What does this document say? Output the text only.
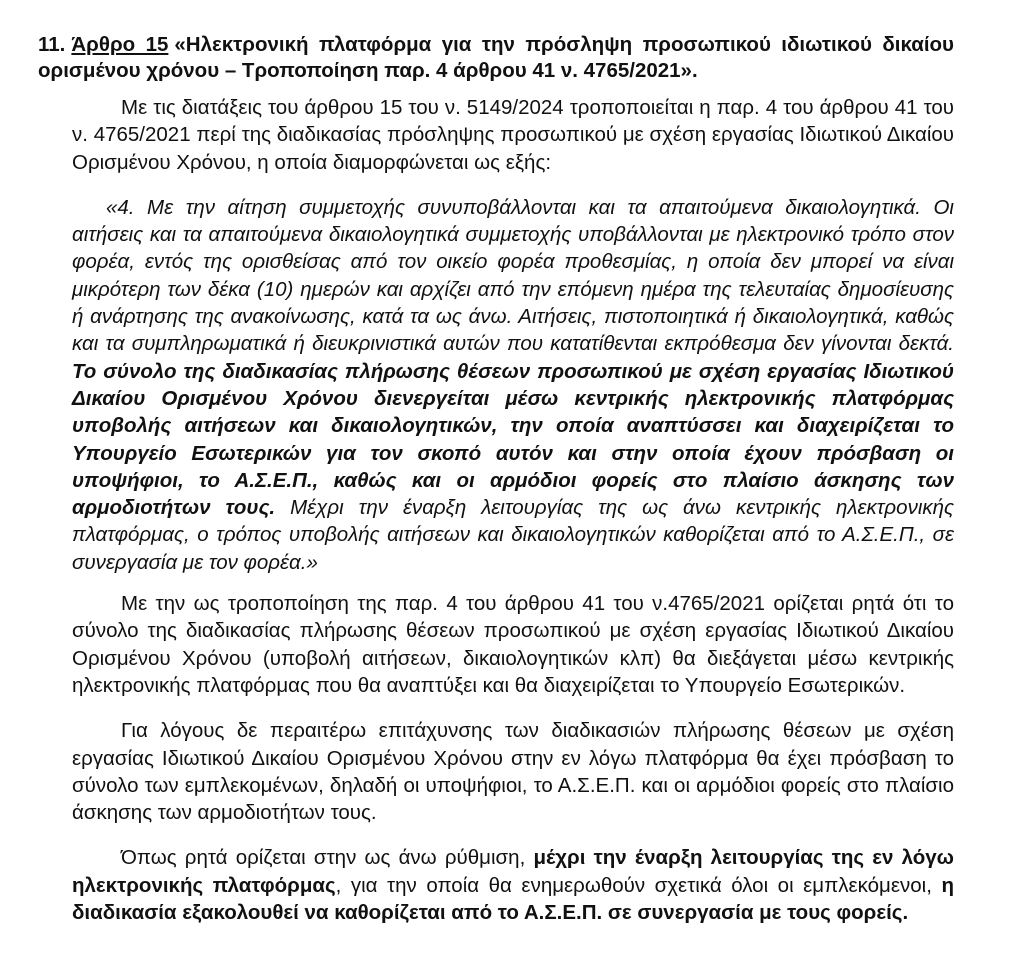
11. Άρθρο 15 «Ηλεκτρονική πλατφόρμα για την πρόσληψη προσωπικού ιδιωτικού δικαίου ορισμένου χρόνου – Τροποποίηση παρ. 4 άρθρου 41 ν. 4765/2021».

Με τις διατάξεις του άρθρου 15 του ν. 5149/2024 τροποποιείται η παρ. 4 του άρθρου 41 του ν. 4765/2021 περί της διαδικασίας πρόσληψης προσωπικού με σχέση εργασίας Ιδιωτικού Δικαίου Ορισμένου Χρόνου, η οποία διαμορφώνεται ως εξής:

«4. Με την αίτηση συμμετοχής συνυποβάλλονται και τα απαιτούμενα δικαιολογητικά. Οι αιτήσεις και τα απαιτούμενα δικαιολογητικά συμμετοχής υποβάλλονται με ηλεκτρονικό τρόπο στον φορέα, εντός της ορισθείσας από τον οικείο φορέα προθεσμίας, η οποία δεν μπορεί να είναι μικρότερη των δέκα (10) ημερών και αρχίζει από την επόμενη ημέρα της τελευταίας δημοσίευσης ή ανάρτησης της ανακοίνωσης, κατά τα ως άνω. Αιτήσεις, πιστοποιητικά ή δικαιολογητικά, καθώς και τα συμπληρωματικά ή διευκρινιστικά αυτών που κατατίθενται εκπρόθεσμα δεν γίνονται δεκτά. Το σύνολο της διαδικασίας πλήρωσης θέσεων προσωπικού με σχέση εργασίας Ιδιωτικού Δικαίου Ορισμένου Χρόνου διενεργείται μέσω κεντρικής ηλεκτρονικής πλατφόρμας υποβολής αιτήσεων και δικαιολογητικών, την οποία αναπτύσσει και διαχειρίζεται το Υπουργείο Εσωτερικών για τον σκοπό αυτόν και στην οποία έχουν πρόσβαση οι υποψήφιοι, το Α.Σ.Ε.Π., καθώς και οι αρμόδιοι φορείς στο πλαίσιο άσκησης των αρμοδιοτήτων τους. Μέχρι την έναρξη λειτουργίας της ως άνω κεντρικής ηλεκτρονικής πλατφόρμας, ο τρόπος υποβολής αιτήσεων και δικαιολογητικών καθορίζεται από το Α.Σ.Ε.Π., σε συνεργασία με τον φορέα.»

Με την ως τροποποίηση της παρ. 4 του άρθρου 41 του ν.4765/2021 ορίζεται ρητά ότι το σύνολο της διαδικασίας πλήρωσης θέσεων προσωπικού με σχέση εργασίας Ιδιωτικού Δικαίου Ορισμένου Χρόνου (υποβολή αιτήσεων, δικαιολογητικών κλπ) θα διεξάγεται μέσω κεντρικής ηλεκτρονικής πλατφόρμας που θα αναπτύξει και θα διαχειρίζεται το Υπουργείο Εσωτερικών.

Για λόγους δε περαιτέρω επιτάχυνσης των διαδικασιών πλήρωσης θέσεων με σχέση εργασίας Ιδιωτικού Δικαίου Ορισμένου Χρόνου στην εν λόγω πλατφόρμα θα έχει πρόσβαση το σύνολο των εμπλεκομένων, δηλαδή οι υποψήφιοι, το Α.Σ.Ε.Π. και οι αρμόδιοι φορείς στο πλαίσιο άσκησης των αρμοδιοτήτων τους.

Όπως ρητά ορίζεται στην ως άνω ρύθμιση, μέχρι την έναρξη λειτουργίας της εν λόγω ηλεκτρονικής πλατφόρμας, για την οποία θα ενημερωθούν σχετικά όλοι οι εμπλεκόμενοι, η διαδικασία εξακολουθεί να καθορίζεται από το Α.Σ.Ε.Π. σε συνεργασία με τους φορείς.
